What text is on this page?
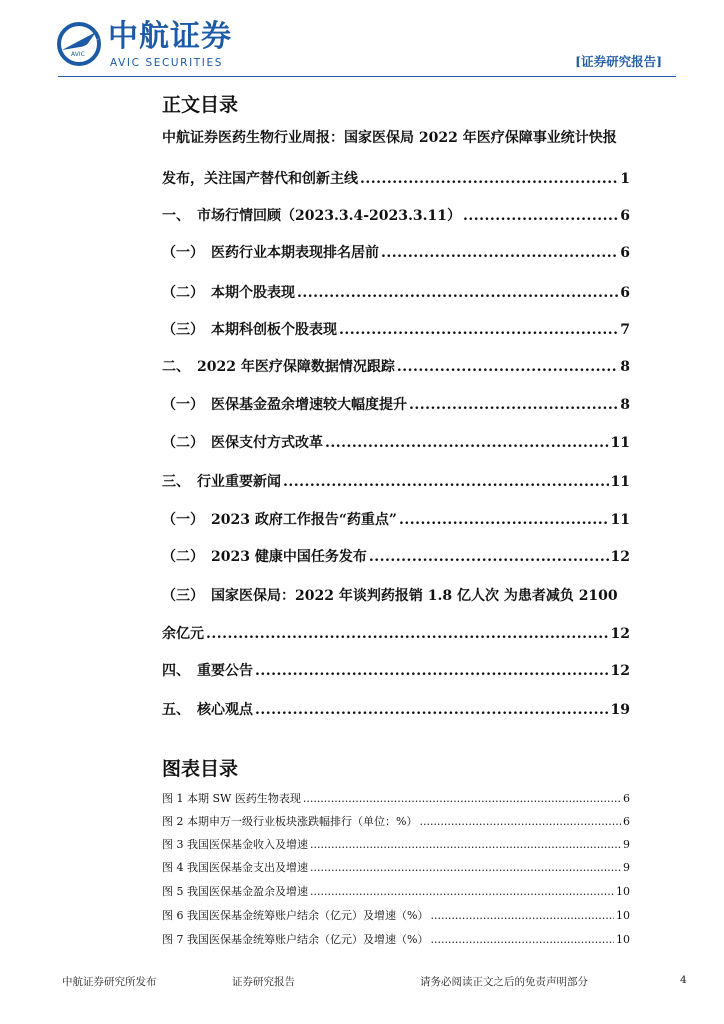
AVIC
中航证券
AVIC SECURITIES	[证券研究报告]
正文目录
中航证券医药生物行业周报：国家医保局 2022 年医疗保障事业统计快报
发布，关注国产替代和创新主线 .....	1
一、　市场行情回顾（2023.3.4-2023.3.11） .....	6
（一）　医药行业本期表现排名居前 .....	6
（二）　本期个股表现 .....	6
（三）　本期科创板个股表现 .....	7
二、　2022 年医疗保障数据情况跟踪 .....	8
（一）　医保基金盈余增速较大幅度提升 .....	8
（二）　医保支付方式改革 .....	11
三、　行业重要新闻 .....	11
（一）　2023 政府工作报告“药重点” .....	11
（二）　2023 健康中国任务发布 .....	12
（三）　国家医保局：2022 年谈判药报销 1.8 亿人次 为患者减负 2100
余亿元 .....	12
四、　重要公告 .....	12
五、　核心观点 .....	19
图表目录
图 1 本期 SW 医药生物表现 .....	6
图 2 本期申万一级行业板块涨跌幅排行（单位：%） .....	6
图 3 我国医保基金收入及增速 .....	9
图 4 我国医保基金支出及增速 .....	9
图 5 我国医保基金盈余及增速 .....	10
图 6 我国医保基金统筹账户结余（亿元）及增速（%） .....	10
图 7 我国医保基金统筹账户结余（亿元）及增速（%） .....	10
中航证券研究所发布	证券研究报告	请务必阅读正文之后的免责声明部分	4
